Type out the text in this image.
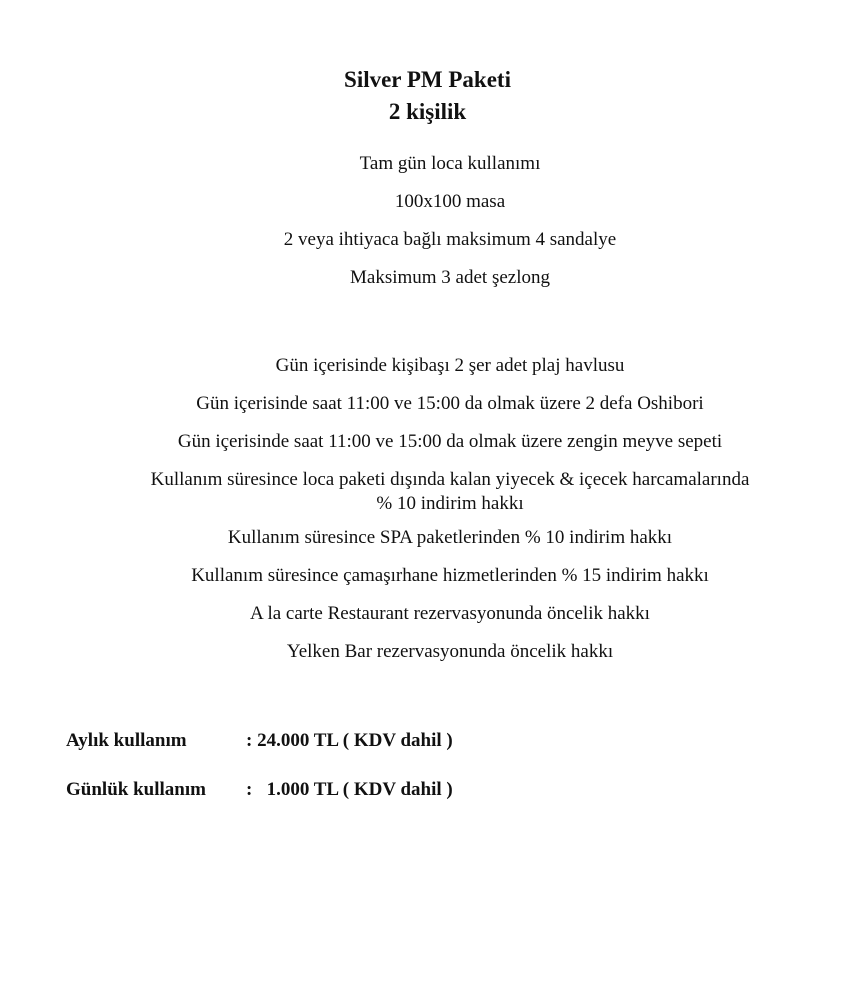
Silver PM Paketi
2 kişilik
Tam gün loca kullanımı
100x100 masa
2 veya ihtiyaca bağlı maksimum 4 sandalye
Maksimum 3 adet şezlong
Gün içerisinde kişibaşı 2 şer adet plaj havlusu
Gün içerisinde saat 11:00 ve 15:00 da olmak üzere 2 defa Oshibori
Gün içerisinde saat 11:00 ve 15:00 da olmak üzere zengin meyve sepeti
Kullanım süresince loca paketi dışında kalan yiyecek & içecek harcamalarında
% 10 indirim hakkı
Kullanım süresince SPA paketlerinden % 10 indirim hakkı
Kullanım süresince çamaşırhane hizmetlerinden % 15 indirim hakkı
A la carte Restaurant rezervasyonunda öncelik hakkı
Yelken Bar rezervasyonunda öncelik hakkı
Aylık kullanım	: 24.000 TL ( KDV dahil )
Günlük kullanım :   1.000 TL ( KDV dahil )
